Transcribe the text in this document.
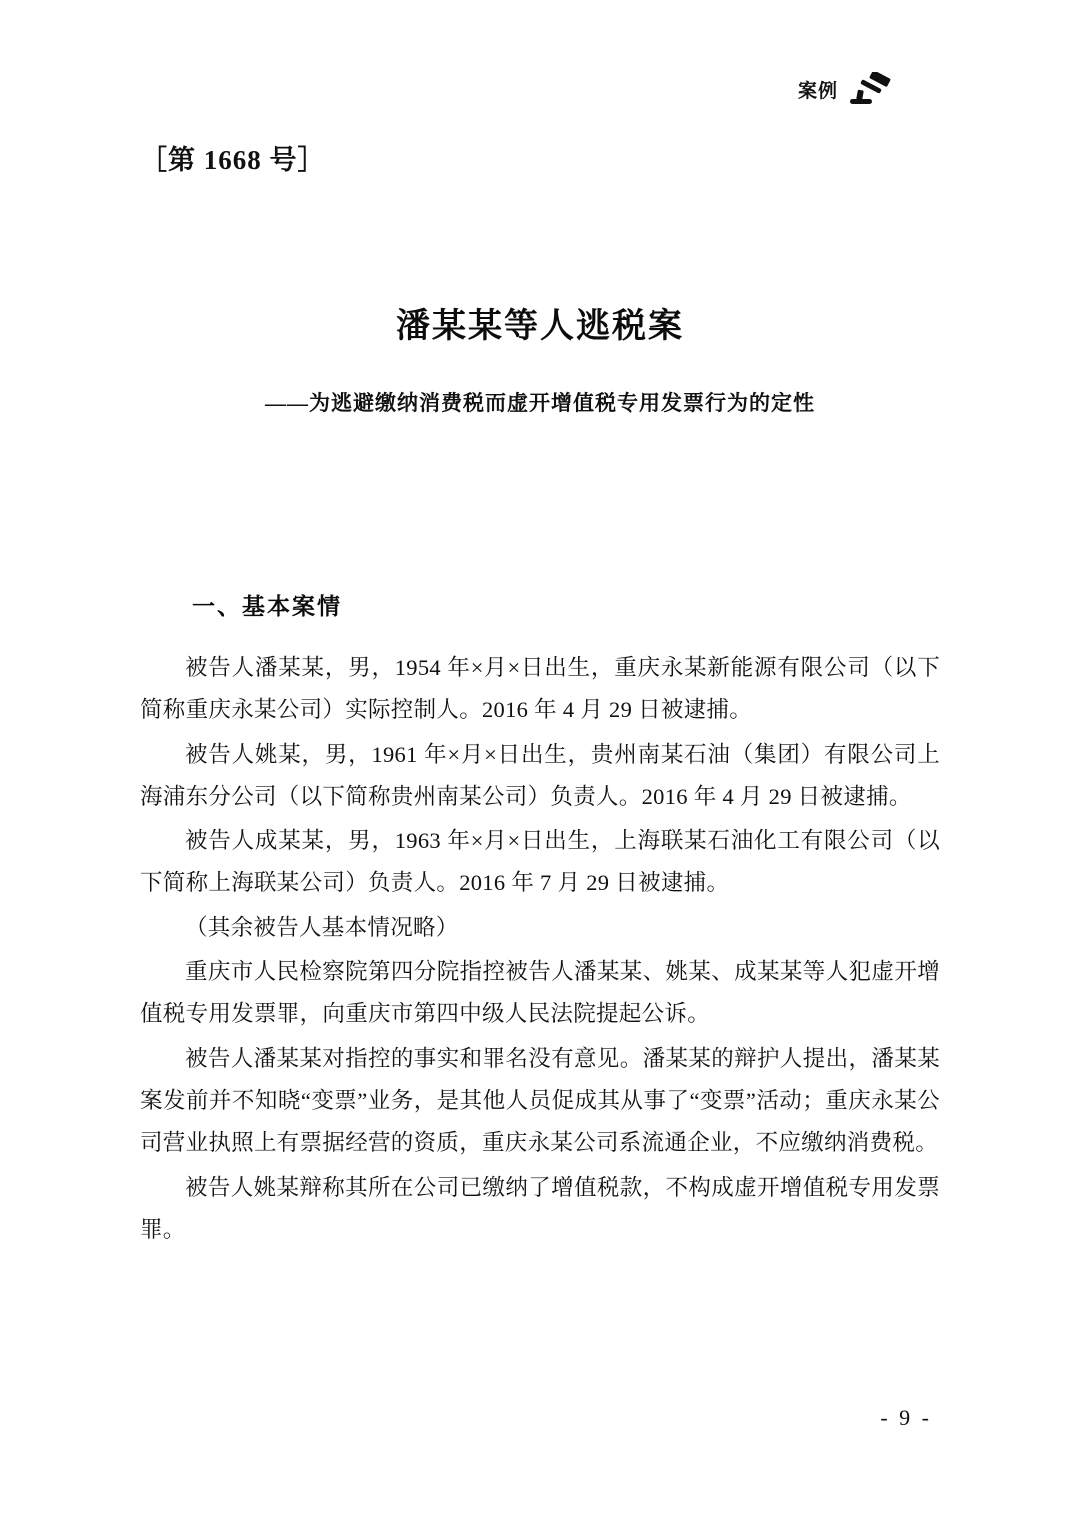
案例
［第 1668 号］
潘某某等人逃税案
——为逃避缴纳消费税而虚开增值税专用发票行为的定性
一、基本案情

被告人潘某某，男，1954 年×月×日出生，重庆永某新能源有限公司（以下简称重庆永某公司）实际控制人。2016 年 4 月 29 日被逮捕。

被告人姚某，男，1961 年×月×日出生，贵州南某石油（集团）有限公司上海浦东分公司（以下简称贵州南某公司）负责人。2016 年 4 月 29 日被逮捕。

被告人成某某，男，1963 年×月×日出生，上海联某石油化工有限公司（以下简称上海联某公司）负责人。2016 年 7 月 29 日被逮捕。

（其余被告人基本情况略）

重庆市人民检察院第四分院指控被告人潘某某、姚某、成某某等人犯虚开增值税专用发票罪，向重庆市第四中级人民法院提起公诉。

被告人潘某某对指控的事实和罪名没有意见。潘某某的辩护人提出，潘某某案发前并不知晓“变票”业务，是其他人员促成其从事了“变票”活动；重庆永某公司营业执照上有票据经营的资质，重庆永某公司系流通企业，不应缴纳消费税。

被告人姚某辩称其所在公司已缴纳了增值税款，不构成虚开增值税专用发票罪。

- 9 -
